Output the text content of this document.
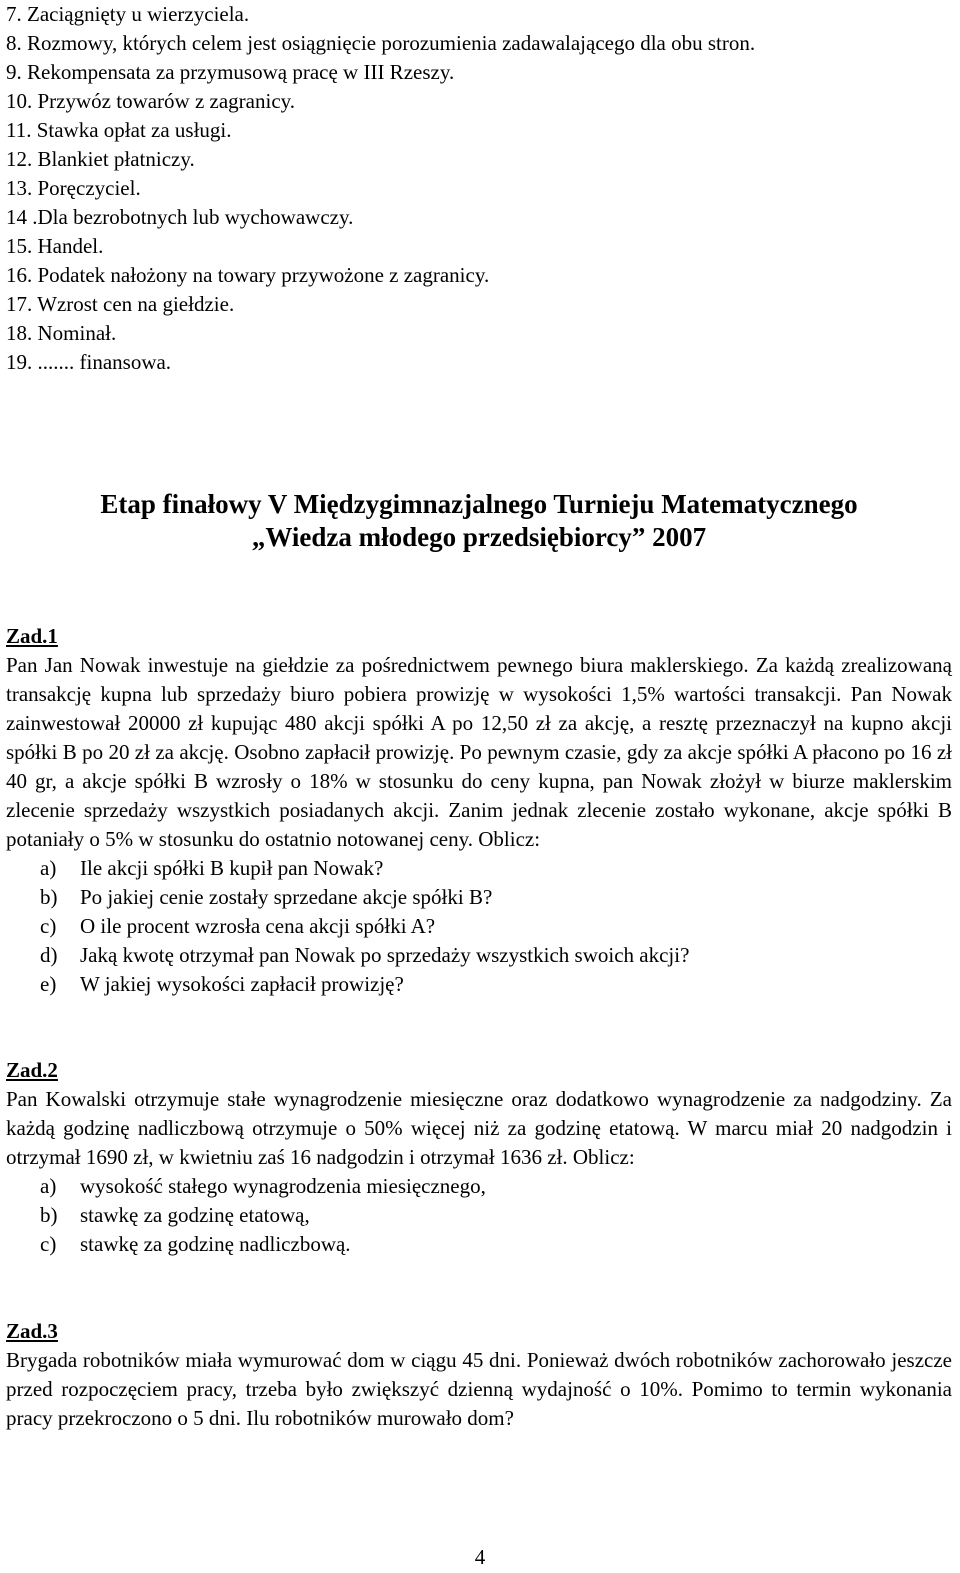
7. Zaciągnięty u wierzyciela.
8. Rozmowy, których celem jest osiągnięcie porozumienia zadawalającego dla obu stron.
9. Rekompensata za przymusową pracę w III Rzeszy.
10. Przywóz towarów z zagranicy.
11. Stawka opłat za usługi.
12. Blankiet płatniczy.
13. Poręczyciel.
14 .Dla bezrobotnych lub wychowawczy.
15. Handel.
16. Podatek nałożony na towary przywożone z zagranicy.
17. Wzrost cen na giełdzie.
18. Nominał.
19. ....... finansowa.
Etap finałowy V Międzygimnazjalnego Turnieju Matematycznego
„Wiedza młodego przedsiębiorcy” 2007
Zad.1

Pan Jan Nowak inwestuje na giełdzie za pośrednictwem pewnego biura maklerskiego. Za każdą zrealizowaną transakcję kupna lub sprzedaży biuro pobiera prowizję w wysokości 1,5% wartości transakcji. Pan Nowak zainwestował 20000 zł kupując 480 akcji spółki A po 12,50 zł za akcję, a resztę przeznaczył na kupno akcji spółki B po 20 zł za akcję. Osobno zapłacił prowizję. Po pewnym czasie, gdy za akcje spółki A płacono po 16 zł 40 gr, a akcje spółki B wzrosły o 18% w stosunku do ceny kupna, pan Nowak złożył w biurze maklerskim zlecenie sprzedaży wszystkich posiadanych akcji. Zanim jednak zlecenie zostało wykonane, akcje spółki B potaniały o 5% w stosunku do ostatnio notowanej ceny. Oblicz:

a) Ile akcji spółki B kupił pan Nowak?
b) Po jakiej cenie zostały sprzedane akcje spółki B?
c) O ile procent wzrosła cena akcji spółki A?
d) Jaką kwotę otrzymał pan Nowak po sprzedaży wszystkich swoich akcji?
e) W jakiej wysokości zapłacił prowizję?
Zad.2

Pan Kowalski otrzymuje stałe wynagrodzenie miesięczne oraz dodatkowo wynagrodzenie za nadgodziny. Za każdą godzinę nadliczbową otrzymuje o 50% więcej niż za godzinę etatową. W marcu miał 20 nadgodzin i otrzymał 1690 zł, w kwietniu zaś 16 nadgodzin i otrzymał 1636 zł. Oblicz:

a) wysokość stałego wynagrodzenia miesięcznego,
b) stawkę za godzinę etatową,
c) stawkę za godzinę nadliczbową.
Zad.3

Brygada robotników miała wymurować dom w ciągu 45 dni. Ponieważ dwóch robotników zachorowało jeszcze przed rozpoczęciem pracy, trzeba było zwiększyć dzienną wydajność o 10%. Pomimo to termin wykonania pracy przekroczono o 5 dni. Ilu robotników murowało dom?

4
